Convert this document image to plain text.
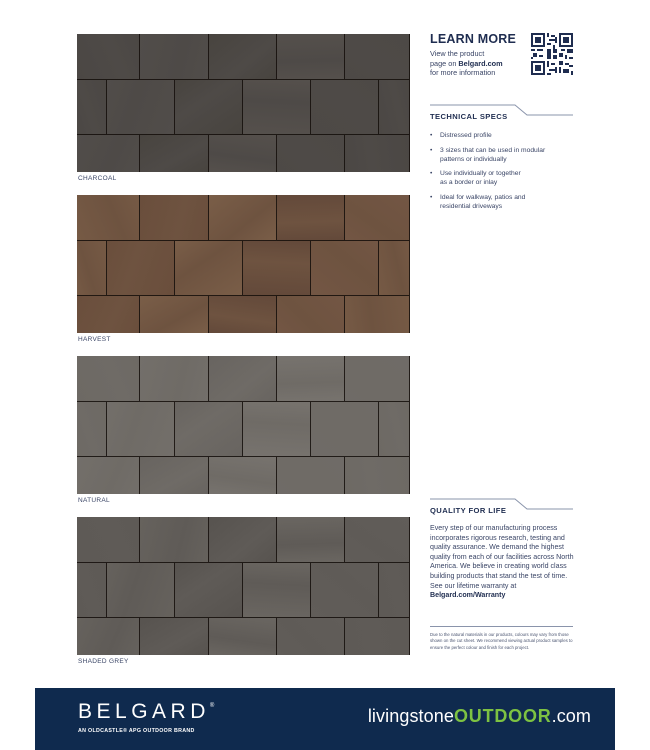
CHARCOAL
HARVEST
NATURAL
SHADED GREY
LEARN MORE
View the product
page on Belgard.com
for more information
TECHNICAL SPECS
• Distressed profile
• 3 sizes that can be used in modular
patterns or individually
• Use individually or together
as a border or inlay
• Ideal for walkway, patios and
residential driveways
QUALITY FOR LIFE
Every step of our manufacturing process incorporates rigorous research, testing and quality assurance. We demand the highest quality from each of our facilities across North America. We believe in creating world class building products that stand the test of time. See our lifetime warranty at Belgard.com/Warranty
Due to the natural materials in our products, colours may vary from those shown on the cut sheet. We recommend viewing actual product samples to ensure the perfect colour and finish for each project.
BELGARD®
AN OLDCASTLE® APG OUTDOOR BRAND
livingstoneOUTDOOR.com
